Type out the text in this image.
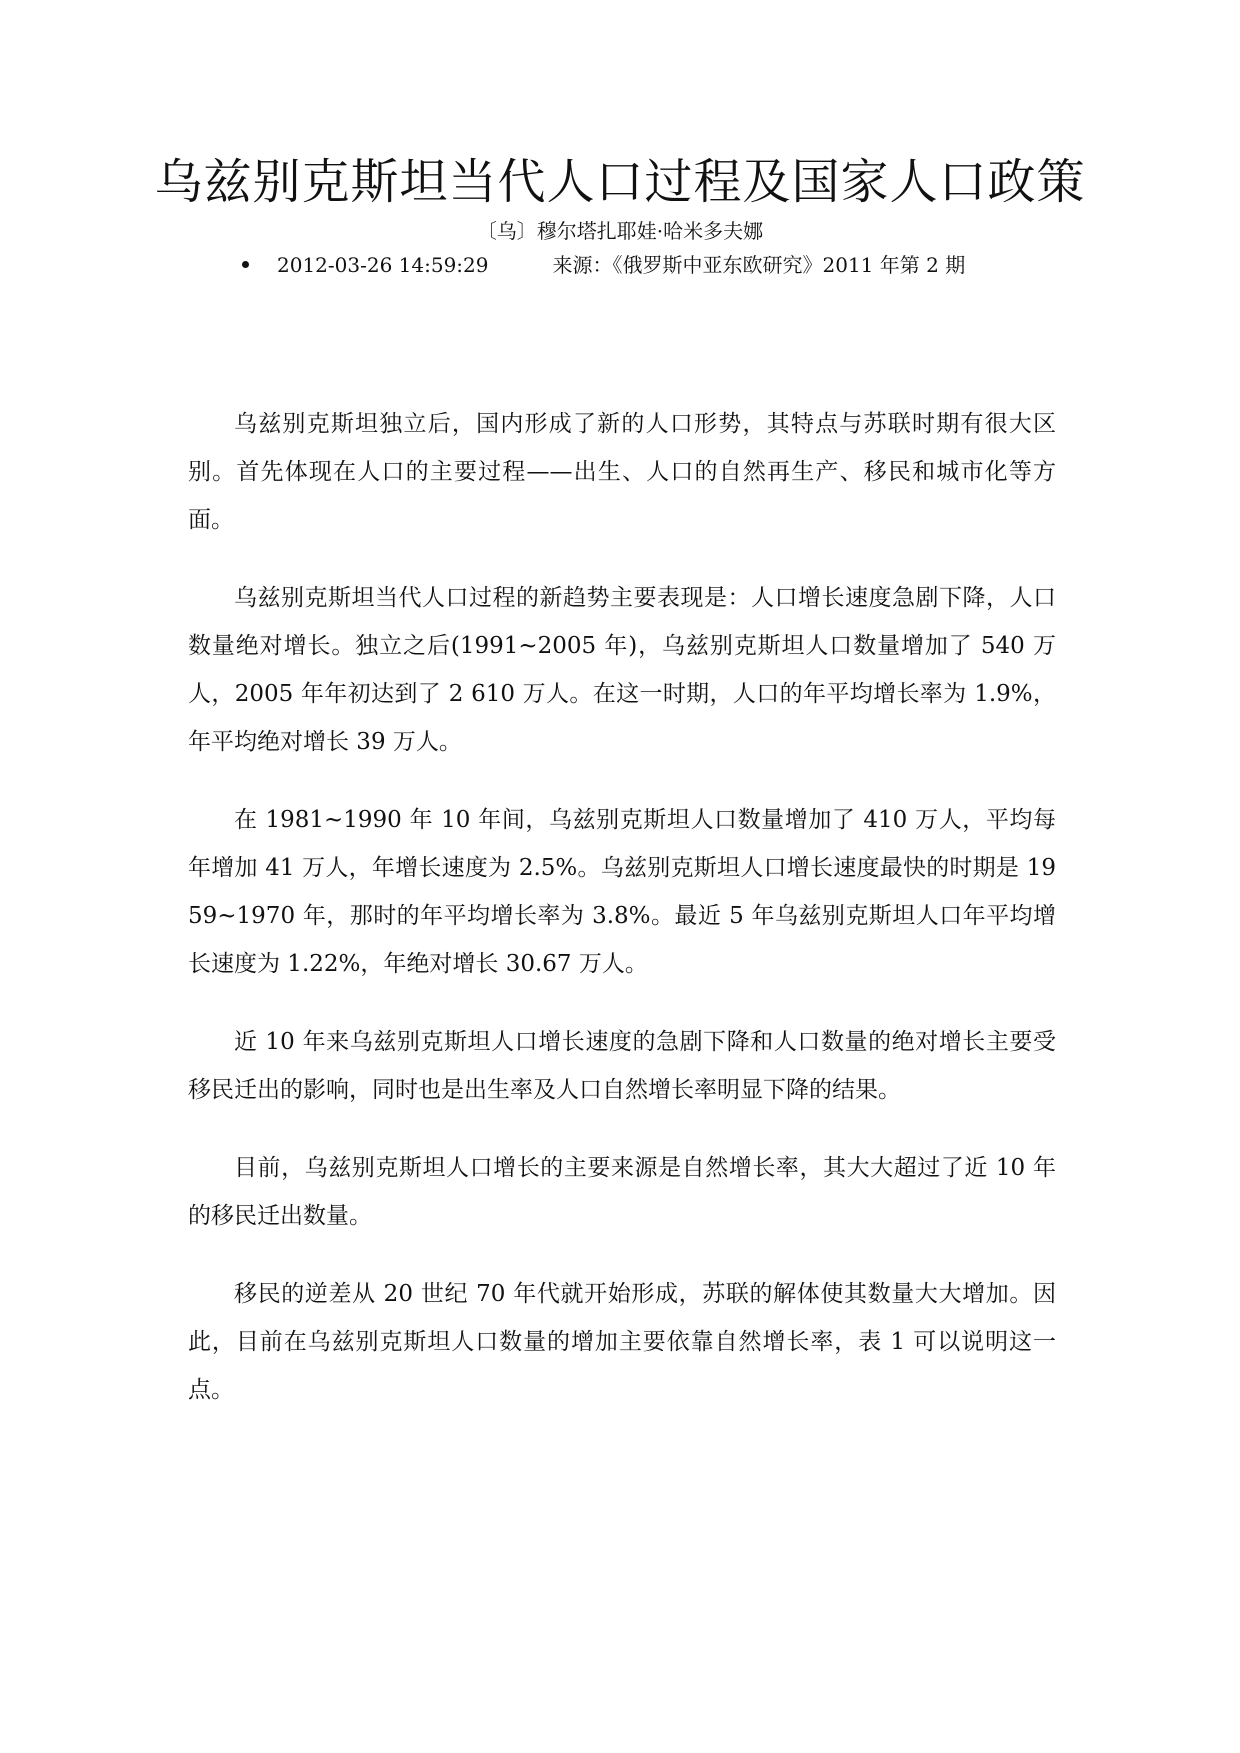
乌兹别克斯坦当代人口过程及国家人口政策

〔乌〕穆尔塔扎耶娃·哈米多夫娜

2012-03-26 14:59:29	来源：《俄罗斯中亚东欧研究》2011 年第 2 期

乌兹别克斯坦独立后，国内形成了新的人口形势，其特点与苏联时期有很大区别。首先体现在人口的主要过程——出生、人口的自然再生产、移民和城市化等方面。

乌兹别克斯坦当代人口过程的新趋势主要表现是：人口增长速度急剧下降，人口数量绝对增长。独立之后(1991~2005 年)，乌兹别克斯坦人口数量增加了 540 万人，2005 年年初达到了 2 610 万人。在这一时期，人口的年平均增长率为 1.9%，年平均绝对增长 39 万人。

在 1981~1990 年 10 年间，乌兹别克斯坦人口数量增加了 410 万人，平均每年增加 41 万人，年增长速度为 2.5%。乌兹别克斯坦人口增长速度最快的时期是 1959~1970 年，那时的年平均增长率为 3.8%。最近 5 年乌兹别克斯坦人口年平均增长速度为 1.22%，年绝对增长 30.67 万人。

近 10 年来乌兹别克斯坦人口增长速度的急剧下降和人口数量的绝对增长主要受移民迁出的影响，同时也是出生率及人口自然增长率明显下降的结果。

目前，乌兹别克斯坦人口增长的主要来源是自然增长率，其大大超过了近 10 年的移民迁出数量。

移民的逆差从 20 世纪 70 年代就开始形成，苏联的解体使其数量大大增加。因此，目前在乌兹别克斯坦人口数量的增加主要依靠自然增长率，表 1 可以说明这一点。
